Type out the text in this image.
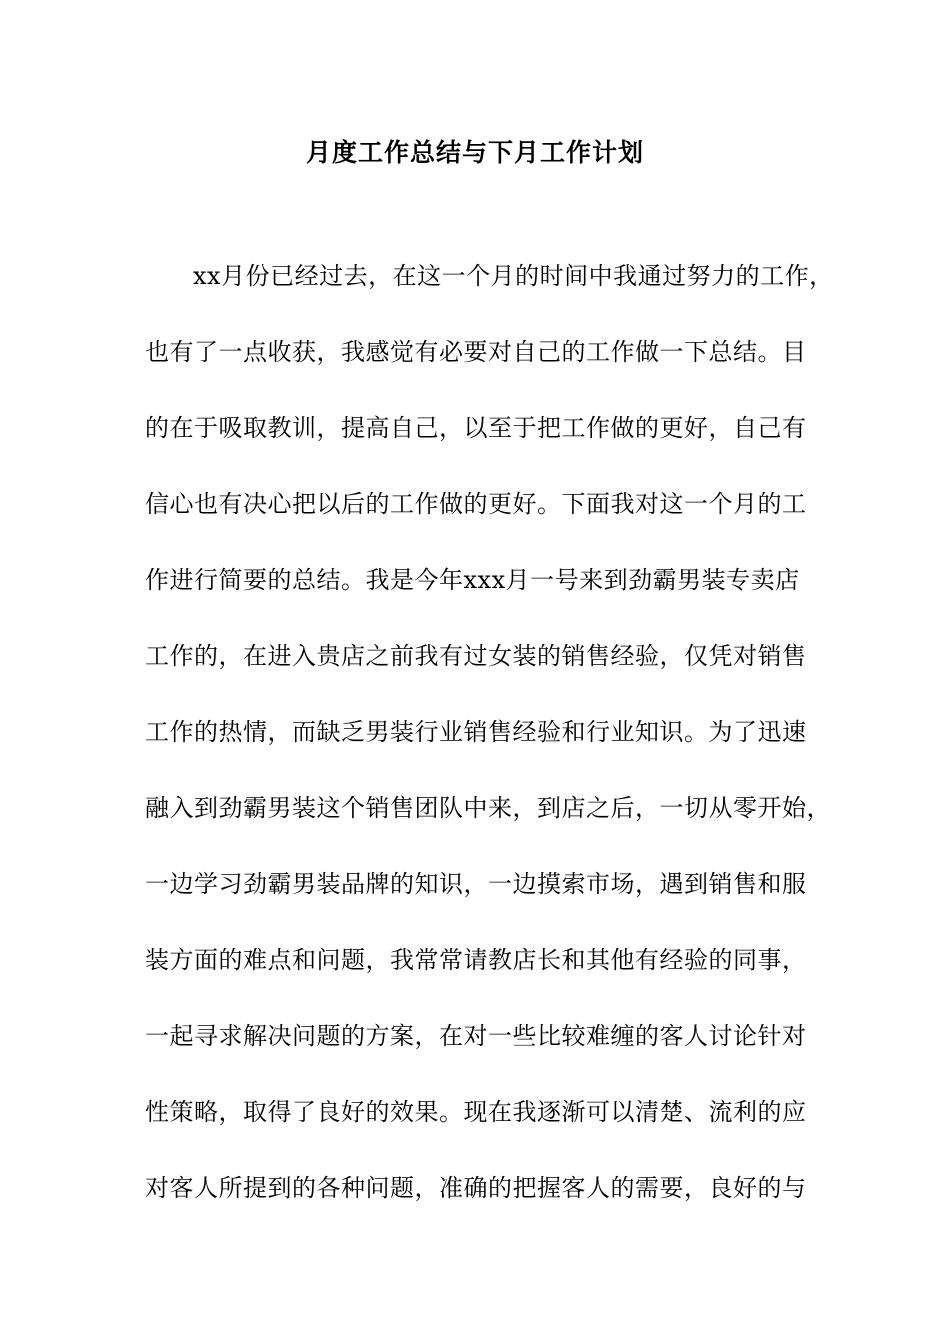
月度工作总结与下月工作计划
xx月份已经过去，在这一个月的时间中我通过努力的工作，
也有了一点收获，我感觉有必要对自己的工作做一下总结。目
的在于吸取教训，提高自己，以至于把工作做的更好，自己有
信心也有决心把以后的工作做的更好。下面我对这一个月的工
作进行简要的总结。我是今年xxx月一号来到劲霸男装专卖店
工作的，在进入贵店之前我有过女装的销售经验，仅凭对销售
工作的热情，而缺乏男装行业销售经验和行业知识。为了迅速
融入到劲霸男装这个销售团队中来，到店之后，一切从零开始，
一边学习劲霸男装品牌的知识，一边摸索市场，遇到销售和服
装方面的难点和问题，我常常请教店长和其他有经验的同事，
一起寻求解决问题的方案，在对一些比较难缠的客人讨论针对
性策略，取得了良好的效果。现在我逐渐可以清楚、流利的应
对客人所提到的各种问题，准确的把握客人的需要，良好的与
